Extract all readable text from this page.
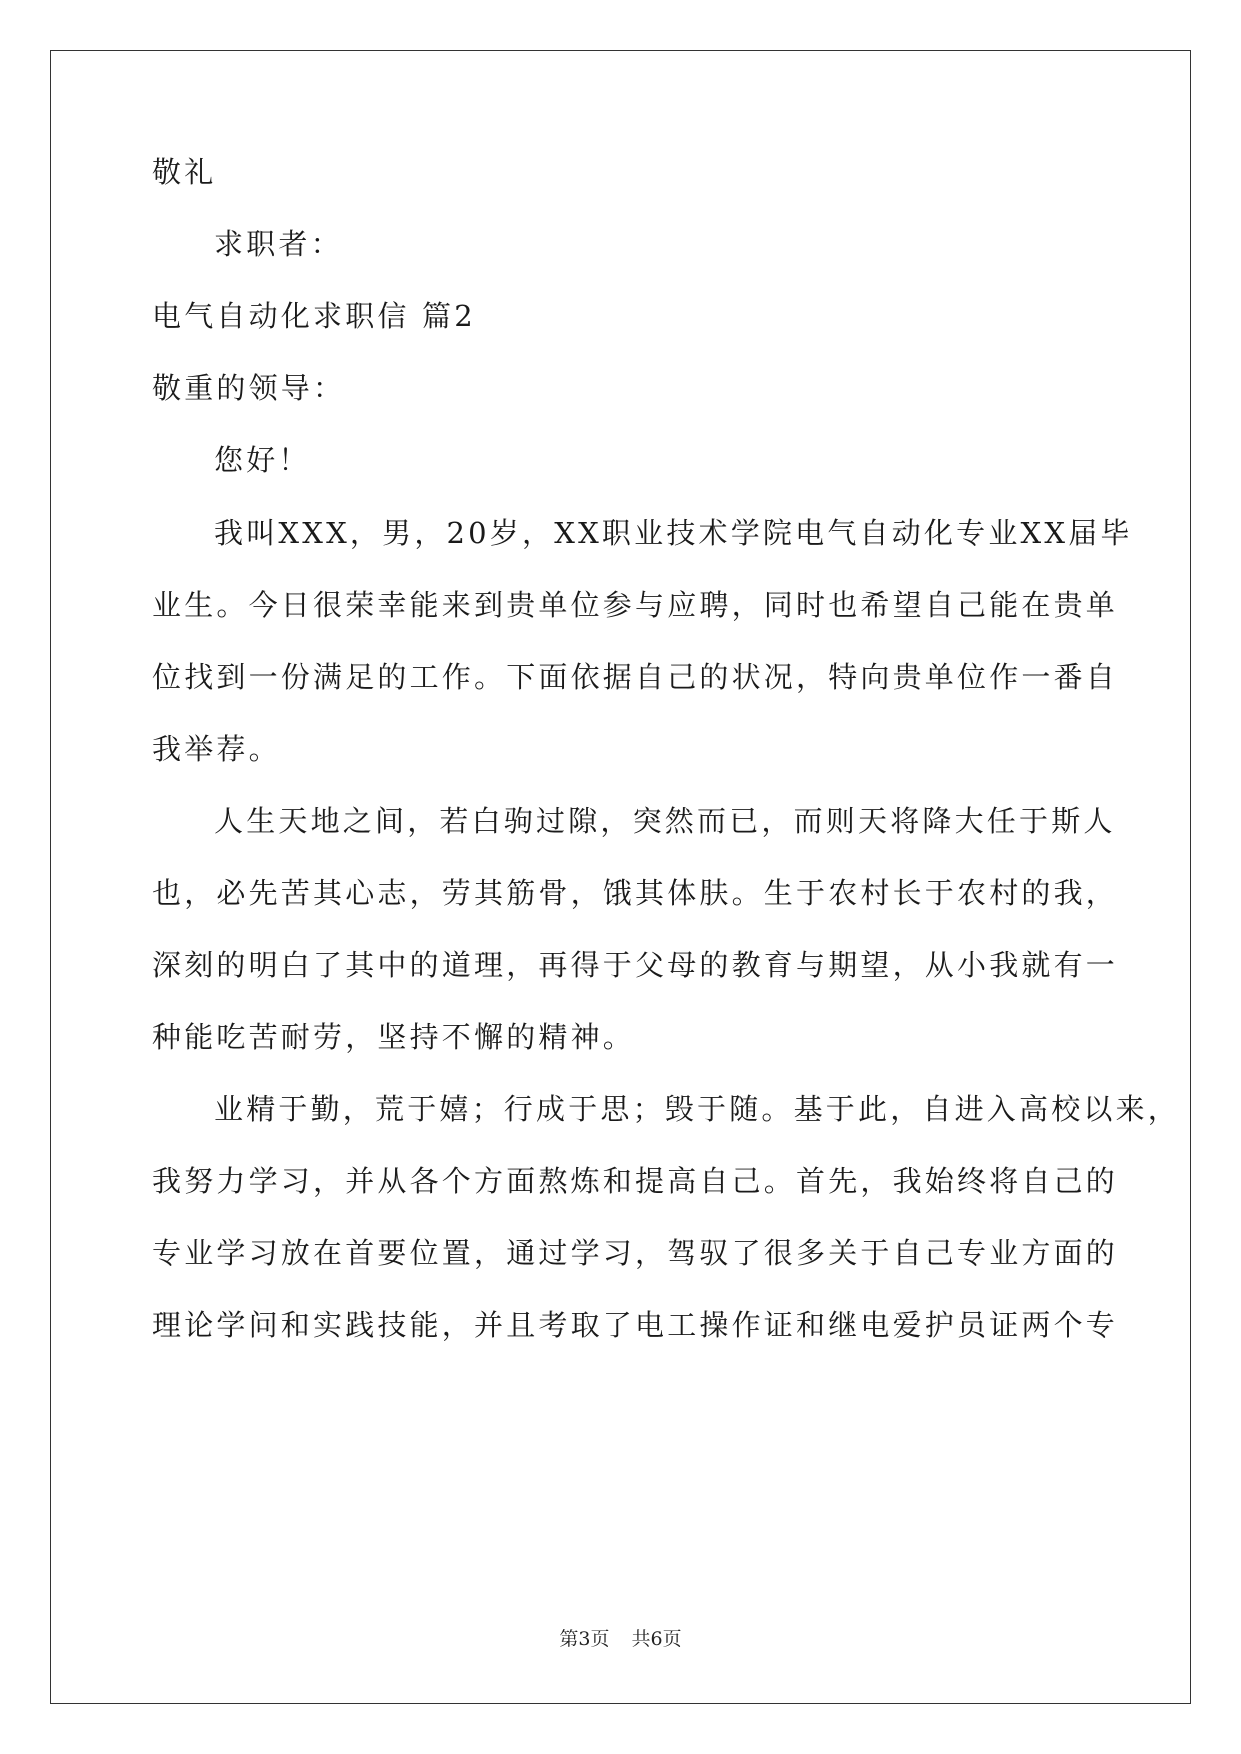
敬礼
求职者：
电气自动化求职信 篇2
敬重的领导：
您好！
我叫XXX，男，20岁，XX职业技术学院电气自动化专业XX届毕
业生。今日很荣幸能来到贵单位参与应聘，同时也希望自己能在贵单
位找到一份满足的工作。下面依据自己的状况，特向贵单位作一番自
我举荐。
人生天地之间，若白驹过隙，突然而已，而则天将降大任于斯人
也，必先苦其心志，劳其筋骨，饿其体肤。生于农村长于农村的我，
深刻的明白了其中的道理，再得于父母的教育与期望，从小我就有一
种能吃苦耐劳，坚持不懈的精神。
业精于勤，荒于嬉；行成于思；毁于随。基于此，自进入高校以来，
我努力学习，并从各个方面熬炼和提高自己。首先，我始终将自己的
专业学习放在首要位置，通过学习，驾驭了很多关于自己专业方面的
理论学问和实践技能，并且考取了电工操作证和继电爱护员证两个专
第3页 共6页
